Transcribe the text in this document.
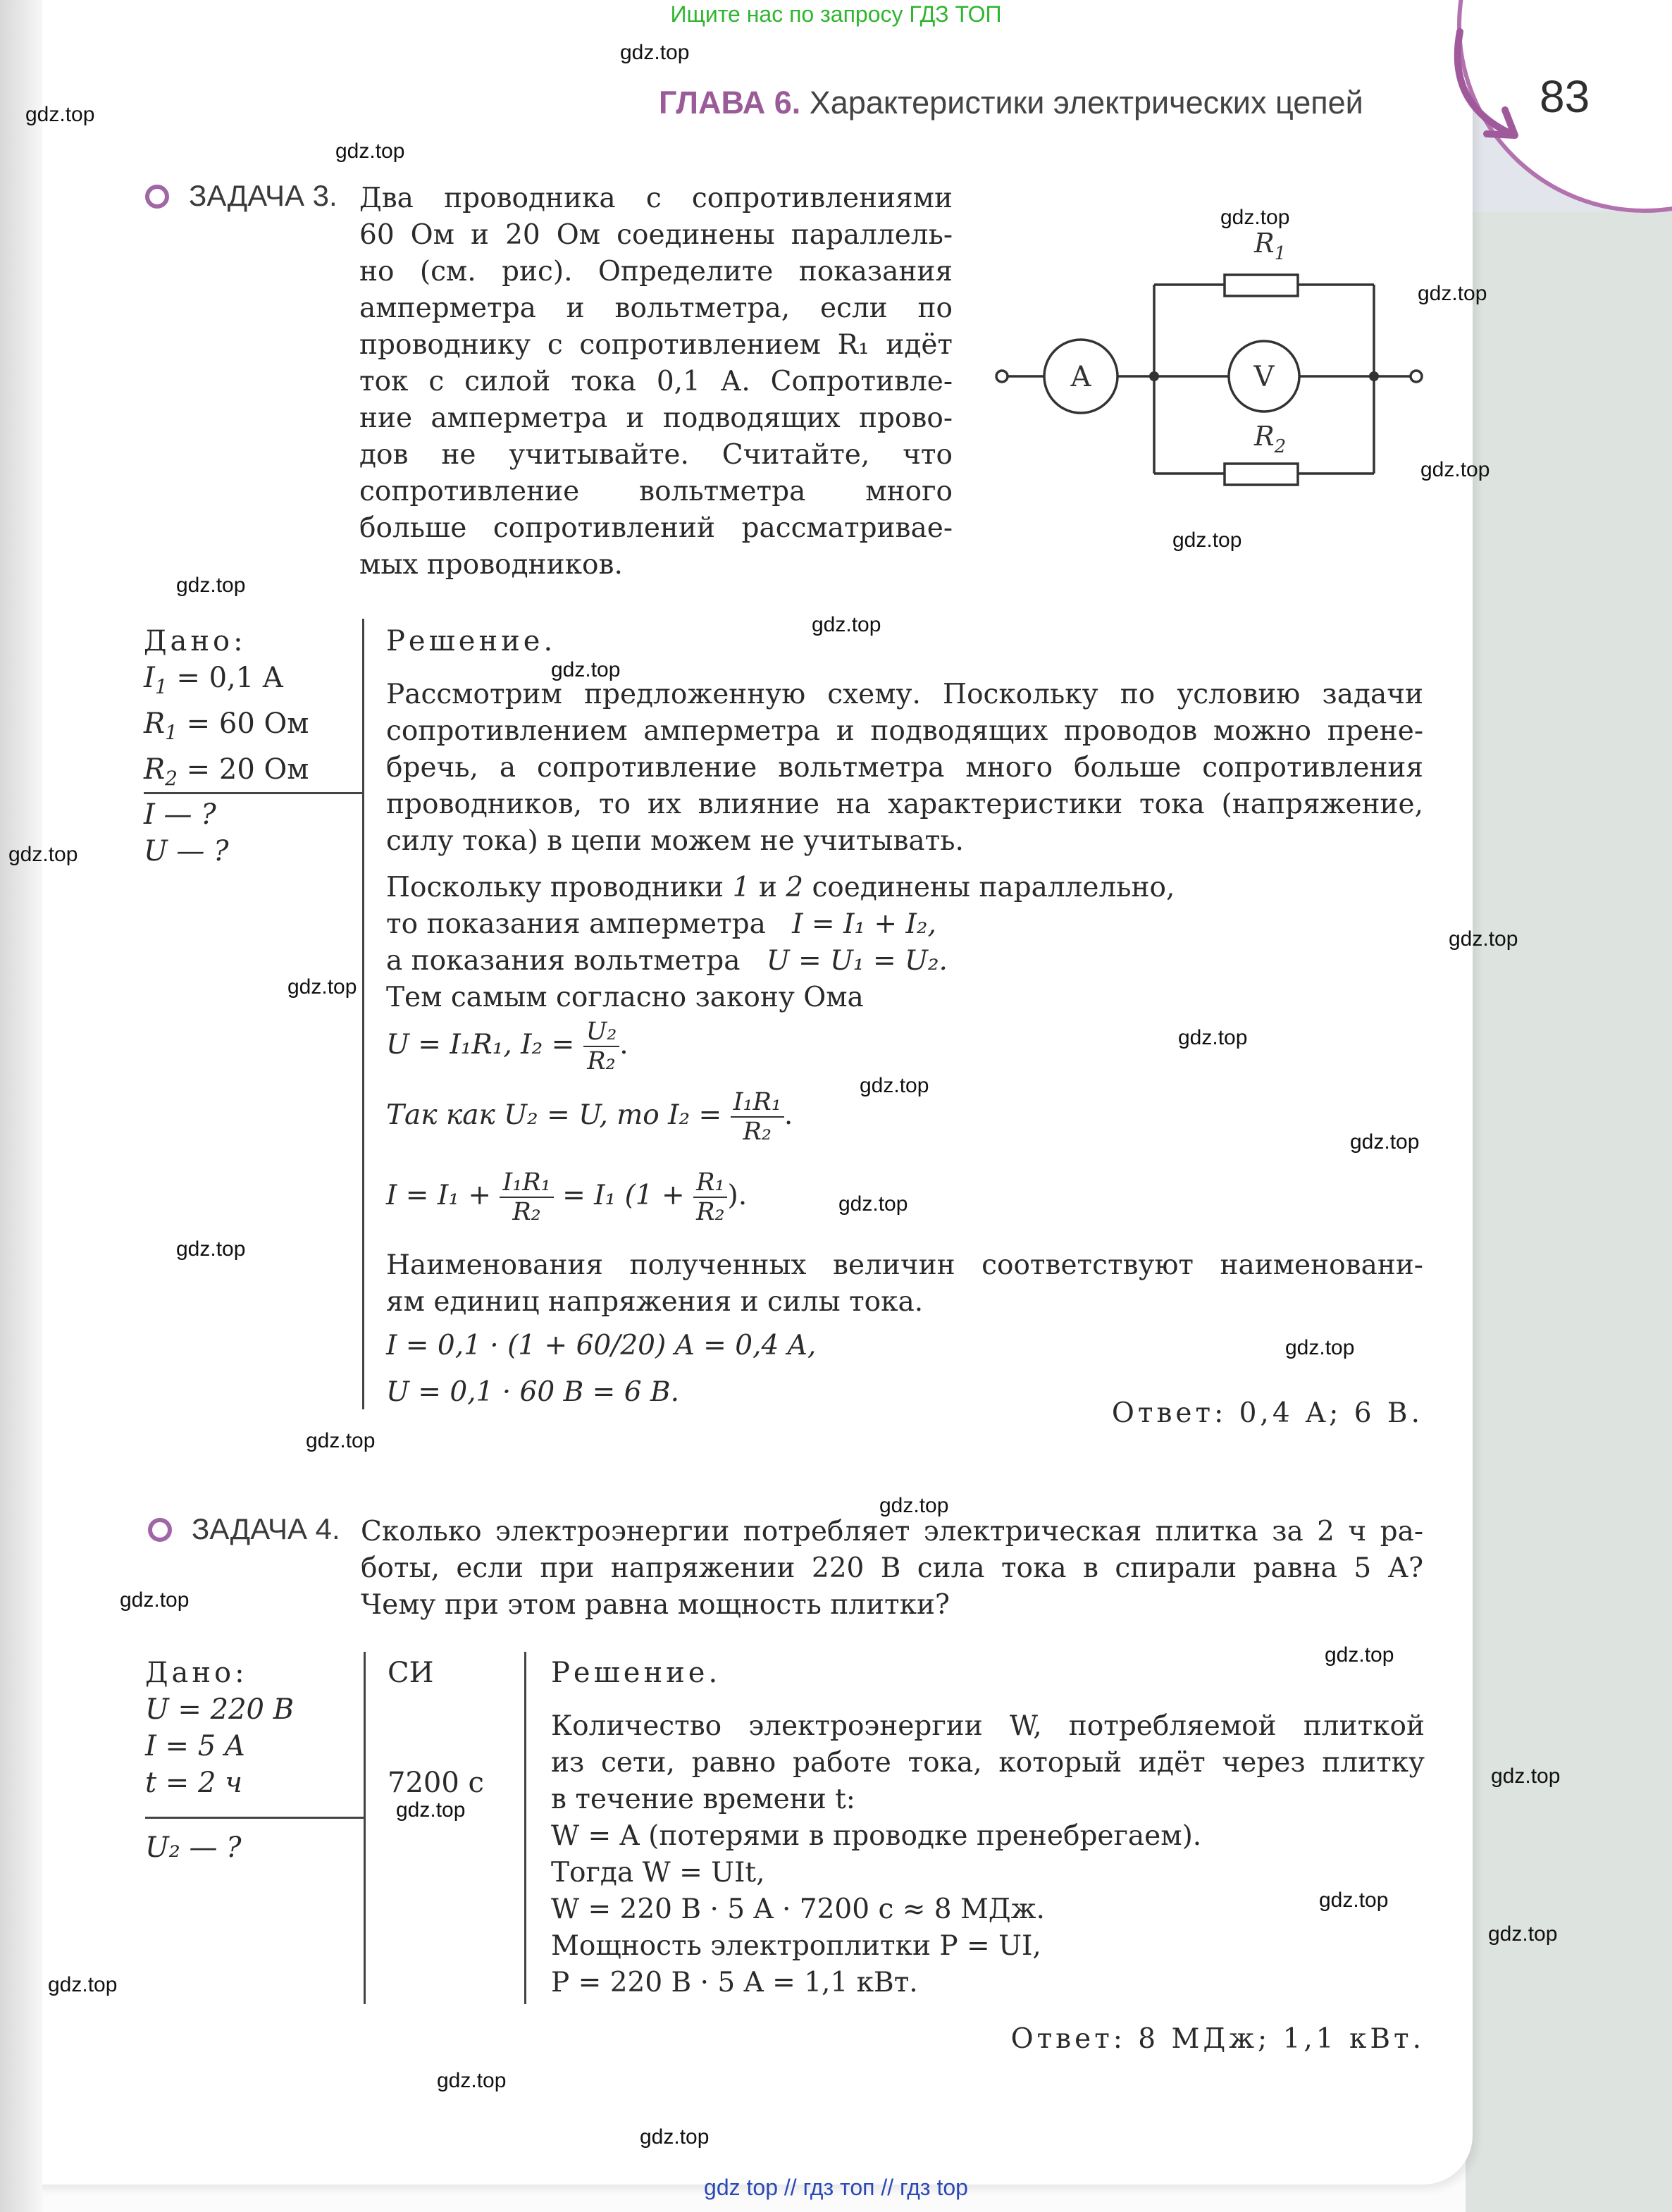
83
Ищите нас по запросу ГДЗ ТОП
gdz top // гдз топ // гдз top
ГЛАВА 6. Характеристики электрических цепей
ЗАДАЧА 3. Два проводника с сопротивлениями
60 Ом и 20 Ом соединены параллель-
но (см. рис). Определите показания
амперметра и вольтметра, если по
проводнику с сопротивлением R₁ идёт
ток с силой тока 0,1 А. Сопротивле-
ние амперметра и подводящих прово-
дов не учитывайте. Считайте, что
сопротивление вольтметра много
больше сопротивлений рассматривае-
мых проводников.
A	V
$R_1$
$R_2$
Дано:
$I_1 = 0,1$ A
$R_1 = 60$ Ом
$R_2 = 20$ Ом
I — ?
U — ?
Решение.
Рассмотрим предложенную схему. Поскольку по условию задачи
сопротивлением амперметра и подводящих проводов можно прене-
бречь, а сопротивление вольтметра много больше сопротивления
проводников, то их влияние на характеристики тока (напряжение,
силу тока) в цепи можем не учитывать.
Поскольку проводники 1 и 2 соединены параллельно,
то показания амперметра I = I₁ + I₂,
а показания вольтметра U = U₁ = U₂.
Тем самым согласно закону Ома
U = I₁R₁, $I_2 = \frac{\text{U₂}}{\text{R₂}}$ .
Так как U₂ = U, то $I_2 = \frac{\text{I₁R₁}}{\text{R₂}}$ .
$I = I_1 + \frac{\text{I₁R₁}}{\text{R₂}} = I_1$ ($1 + \frac{\text{R₁}}{\text{R₂}}$ ).
Наименования полученных величин соответствуют наименовани-
ям единиц напряжения и силы тока.
I = 0,1 · (1 + 60/20) A = 0,4 A,
U = 0,1 · 60 B = 6 B.
Ответ: 0,4 A; 6 B.
ЗАДАЧА 4. Сколько электроэнергии потребляет электрическая плитка за 2 ч ра-
боты, если при напряжении 220 В сила тока в спирали равна 5 А?
Чему при этом равна мощность плитки?
Дано:
U = 220 B
I = 5 A
t = 2 ч
U₂ — ?
СИ
7200 с
Решение.
Количество электроэнергии W, потребляемой плиткой
из сети, равно работе тока, который идёт через плитку
в течение времени t:
W = A (потерями в проводке пренебрегаем).
Тогда W = UIt,
W = 220 B · 5 A · 7200 с ≈ 8 МДж.
Мощность электроплитки P = UI,
P = 220 B · 5 A = 1,1 кВт.
Ответ: 8 МДж; 1,1 кВт.
gdz.top
gdz.top
gdz.top
gdz.top
gdz.top
gdz.top
gdz.top
gdz.top
gdz.top
gdz.top
gdz.top
gdz.top
gdz.top
gdz.top
gdz.top
gdz.top
gdz.top
gdz.top
gdz.top
gdz.top
gdz.top
gdz.top
gdz.top
gdz.top
gdz.top
gdz.top
gdz.top
gdz.top
gdz.top
gdz.top
